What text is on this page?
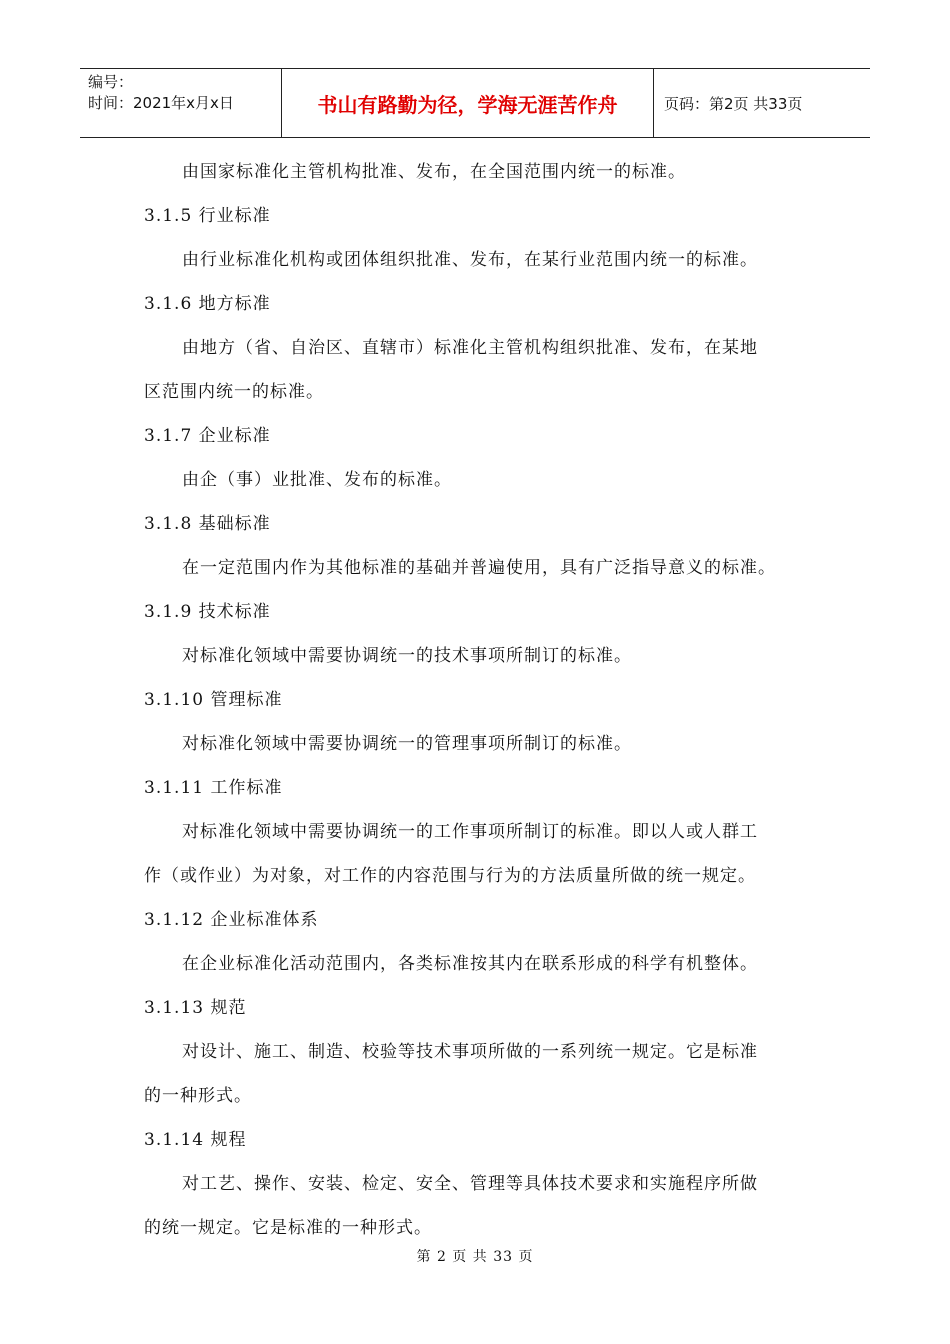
编号：
时间：2021年x月x日	书山有路勤为径，学海无涯苦作舟	页码：第2页 共33页
由国家标准化主管机构批准、发布，在全国范围内统一的标准。
3.1.5 行业标准
由行业标准化机构或团体组织批准、发布，在某行业范围内统一的标准。
3.1.6 地方标准
由地方（省、自治区、直辖市）标准化主管机构组织批准、发布，在某地
区范围内统一的标准。
3.1.7 企业标准
由企（事）业批准、发布的标准。
3.1.8 基础标准
在一定范围内作为其他标准的基础并普遍使用，具有广泛指导意义的标准。
3.1.9 技术标准
对标准化领域中需要协调统一的技术事项所制订的标准。
3.1.10 管理标准
对标准化领域中需要协调统一的管理事项所制订的标准。
3.1.11 工作标准
对标准化领域中需要协调统一的工作事项所制订的标准。即以人或人群工
作（或作业）为对象，对工作的内容范围与行为的方法质量所做的统一规定。
3.1.12 企业标准体系
在企业标准化活动范围内，各类标准按其内在联系形成的科学有机整体。
3.1.13 规范
对设计、施工、制造、校验等技术事项所做的一系列统一规定。它是标准
的一种形式。
3.1.14 规程
对工艺、操作、安装、检定、安全、管理等具体技术要求和实施程序所做
的统一规定。它是标准的一种形式。
第 2 页 共 33 页
